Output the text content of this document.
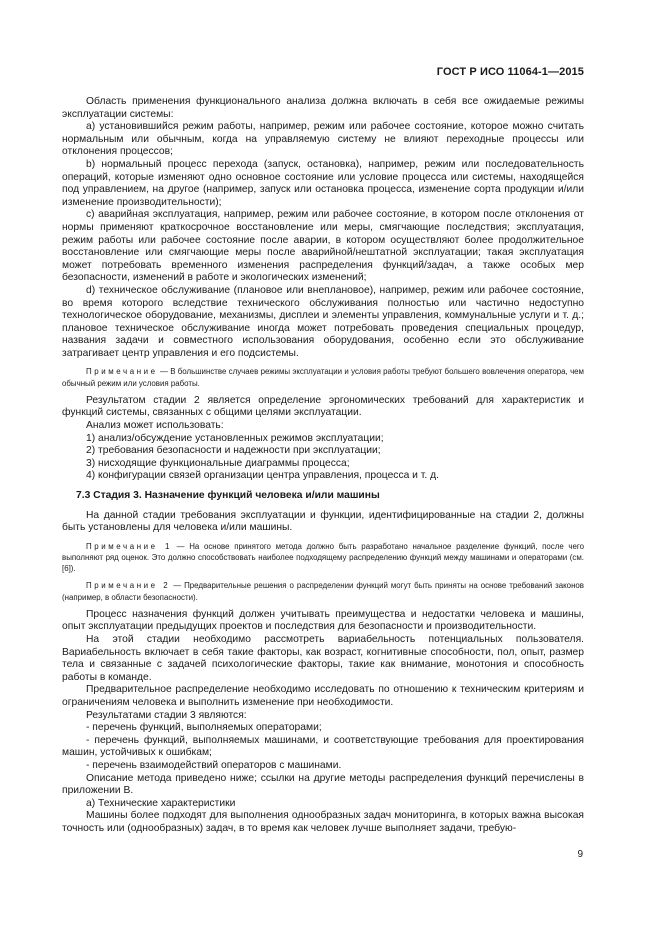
ГОСТ Р ИСО 11064-1—2015

Область применения функционального анализа должна включать в себя все ожидаемые режимы эксплуатации системы:

a) установившийся режим работы, например, режим или рабочее состояние, которое можно считать нормальным или обычным, когда на управляемую систему не влияют переходные процессы или отклонения процессов;

b) нормальный процесс перехода (запуск, остановка), например, режим или последовательность операций, которые изменяют одно основное состояние или условие процесса или системы, находящейся под управлением, на другое (например, запуск или остановка процесса, изменение сорта продукции и/или изменение производительности);

c) аварийная эксплуатация, например, режим или рабочее состояние, в котором после отклонения от нормы применяют краткосрочное восстановление или меры, смягчающие последствия; эксплуатация, режим работы или рабочее состояние после аварии, в котором осуществляют более продолжительное восстановление или смягчающие меры после аварийной/нештатной эксплуатации; такая эксплуатация может потребовать временного изменения распределения функций/задач, а также особых мер безопасности, изменений в работе и экологических изменений;

d) техническое обслуживание (плановое или внеплановое), например, режим или рабочее состояние, во время которого вследствие технического обслуживания полностью или частично недоступно технологическое оборудование, механизмы, дисплеи и элементы управления, коммунальные услуги и т. д.; плановое техническое обслуживание иногда может потребовать проведения специальных процедур, названия задачи и совместного использования оборудования, особенно если это обслуживание затрагивает центр управления и его подсистемы.

Примечание — В большинстве случаев режимы эксплуатации и условия работы требуют большего вовлечения оператора, чем обычный режим или условия работы.

Результатом стадии 2 является определение эргономических требований для характеристик и функций системы, связанных с общими целями эксплуатации.

Анализ может использовать:

1) анализ/обсуждение установленных режимов эксплуатации;

2) требования безопасности и надежности при эксплуатации;

3) нисходящие функциональные диаграммы процесса;

4) конфигурации связей организации центра управления, процесса и т. д.

7.3 Стадия 3. Назначение функций человека и/или машины

На данной стадии требования эксплуатации и функции, идентифицированные на стадии 2, должны быть установлены для человека и/или машины.

Примечание 1 — На основе принятого метода должно быть разработано начальное разделение функций, после чего выполняют ряд оценок. Это должно способствовать наиболее подходящему распределению функций между машинами и операторами (см. [6]).

Примечание 2 — Предварительные решения о распределении функций могут быть приняты на основе требований законов (например, в области безопасности).

Процесс назначения функций должен учитывать преимущества и недостатки человека и машины, опыт эксплуатации предыдущих проектов и последствия для безопасности и производительности.

На этой стадии необходимо рассмотреть вариабельность потенциальных пользователя. Вариабельность включает в себя такие факторы, как возраст, когнитивные способности, пол, опыт, размер тела и связанные с задачей психологические факторы, такие как внимание, монотония и способность работы в команде.

Предварительное распределение необходимо исследовать по отношению к техническим критериям и ограничениям человека и выполнить изменение при необходимости.

Результатами стадии 3 являются:

- перечень функций, выполняемых операторами;

- перечень функций, выполняемых машинами, и соответствующие требования для проектирования машин, устойчивых к ошибкам;

- перечень взаимодействий операторов с машинами.

Описание метода приведено ниже; ссылки на другие методы распределения функций перечислены в приложении В.

a) Технические характеристики

Машины более подходят для выполнения однообразных задач мониторинга, в которых важна высокая точность или (однообразных) задач, в то время как человек лучше выполняет задачи, требую-

9
